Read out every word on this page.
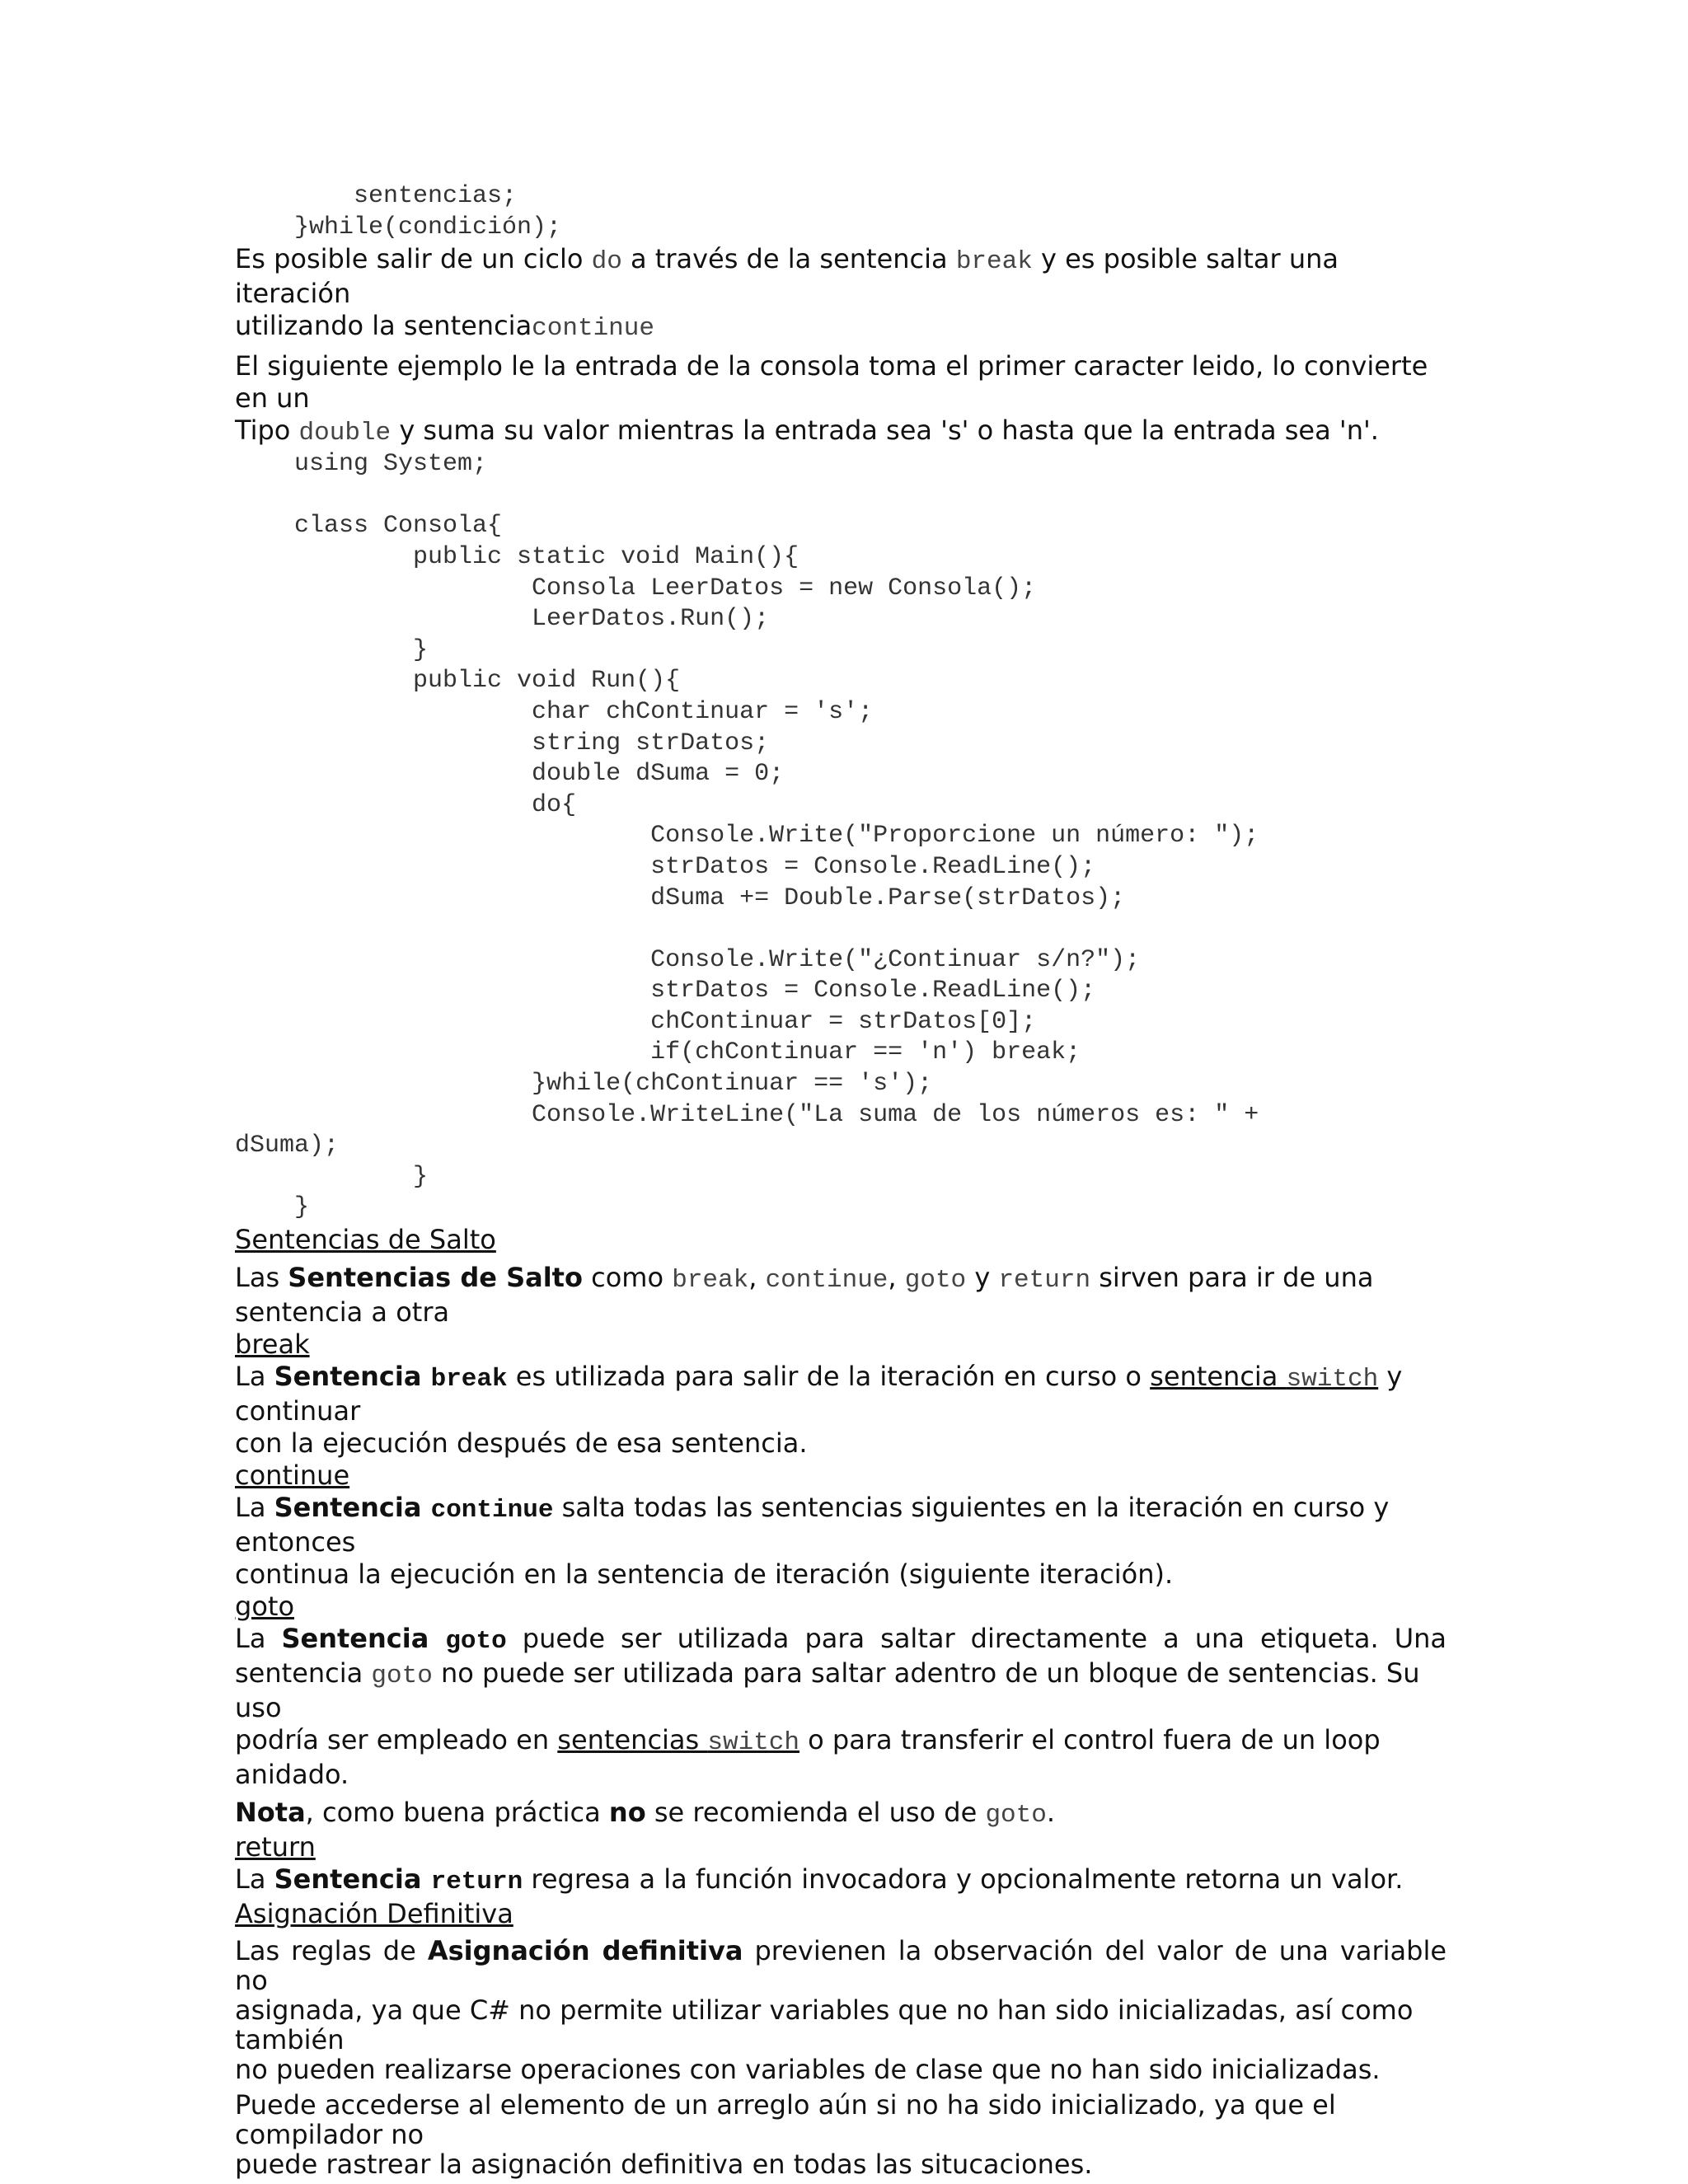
sentencias;
}while(condición);

Es posible salir de un ciclo do a través de la sentencia break y es posible saltar una iteración
utilizando la sentenciacontinue

El siguiente ejemplo le la entrada de la consola toma el primer caracter leido, lo convierte en un
Tipo double y suma su valor mientras la entrada sea 's' o hasta que la entrada sea 'n'.

using System;
class Consola{
public static void Main(){
Consola LeerDatos = new Consola();
LeerDatos.Run();
}
public void Run(){
char chContinuar = 's';
string strDatos;
double dSuma = 0;
do{
Console.Write("Proporcione un número: ");
strDatos = Console.ReadLine();
dSuma += Double.Parse(strDatos);
Console.Write("¿Continuar s/n?");
strDatos = Console.ReadLine();
chContinuar = strDatos[0];
if(chContinuar == 'n') break;
}while(chContinuar == 's');
Console.WriteLine("La suma de los números es: " +
dSuma);
}
}

Sentencias de Salto

Las Sentencias de Salto como break, continue, goto y return sirven para ir de una
sentencia a otra

break

La Sentencia break es utilizada para salir de la iteración en curso o sentencia switch y continuar
con la ejecución después de esa sentencia.

continue

La Sentencia continue salta todas las sentencias siguientes en la iteración en curso y entonces
continua la ejecución en la sentencia de iteración (siguiente iteración).

goto

La Sentencia goto puede ser utilizada para saltar directamente a una etiqueta. Una
sentencia goto no puede ser utilizada para saltar adentro de un bloque de sentencias. Su uso
podría ser empleado en sentencias switch o para transferir el control fuera de un loop anidado.

Nota, como buena práctica no se recomienda el uso de goto.

return

La Sentencia return regresa a la función invocadora y opcionalmente retorna un valor.

Asignación Definitiva

Las reglas de Asignación definitiva previenen la observación del valor de una variable no
asignada, ya que C# no permite utilizar variables que no han sido inicializadas, así como también
no pueden realizarse operaciones con variables de clase que no han sido inicializadas.

Puede accederse al elemento de un arreglo aún si no ha sido inicializado, ya que el compilador no
puede rastrear la asignación definitiva en todas las situcaciones.
